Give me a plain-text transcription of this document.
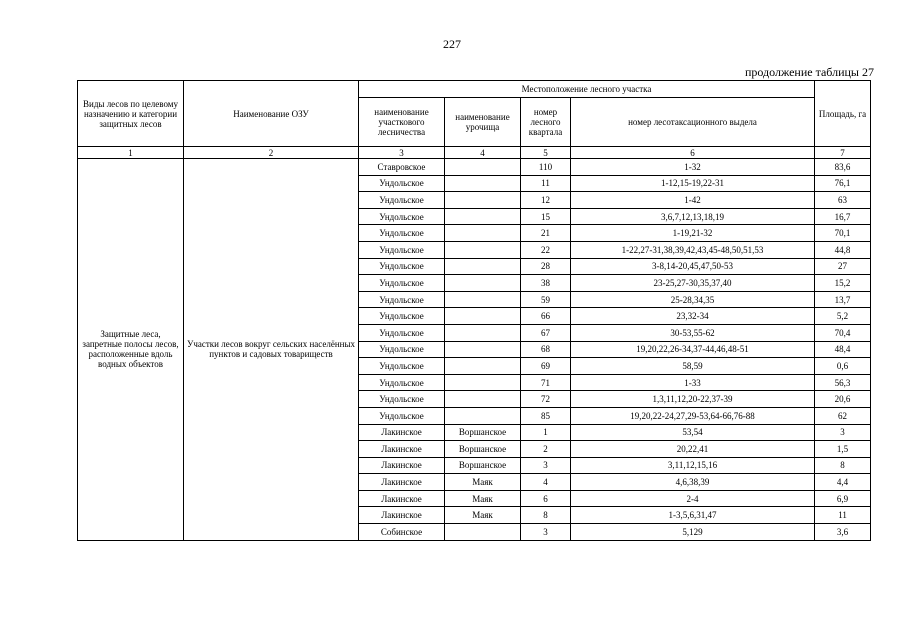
227
продолжение таблицы 27
Виды лесов по целевому назначению и категории защитных лесов	Наименование ОЗУ	Местоположение лесного участка				Площадь, га
		наименование участкового лесничества	наименование урочища	номер лесного квартала	номер лесотаксационного выдела	
1	2	3	4	5	6	7
Защитные леса, запретные полосы лесов, расположенные вдоль водных объектов	Участки лесов вокруг сельских населённых пунктов и садовых товариществ	Ставровское		110	1-32	83,6
		Ундольское		11	1-12,15-19,22-31	76,1
		Ундольское		12	1-42	63
		Ундольское		15	3,6,7,12,13,18,19	16,7
		Ундольское		21	1-19,21-32	70,1
		Ундольское		22	1-22,27-31,38,39,42,43,45-48,50,51,53	44,8
		Ундольское		28	3-8,14-20,45,47,50-53	27
		Ундольское		38	23-25,27-30,35,37,40	15,2
		Ундольское		59	25-28,34,35	13,7
		Ундольское		66	23,32-34	5,2
		Ундольское		67	30-53,55-62	70,4
		Ундольское		68	19,20,22,26-34,37-44,46,48-51	48,4
		Ундольское		69	58,59	0,6
		Ундольское		71	1-33	56,3
		Ундольское		72	1,3,11,12,20-22,37-39	20,6
		Ундольское		85	19,20,22-24,27,29-53,64-66,76-88	62
		Лакинское	Воршанское	1	53,54	3
		Лакинское	Воршанское	2	20,22,41	1,5
		Лакинское	Воршанское	3	3,11,12,15,16	8
		Лакинское	Маяк	4	4,6,38,39	4,4
		Лакинское	Маяк	6	2-4	6,9
		Лакинское	Маяк	8	1-3,5,6,31,47	11
		Собинское		3	5,129	3,6
